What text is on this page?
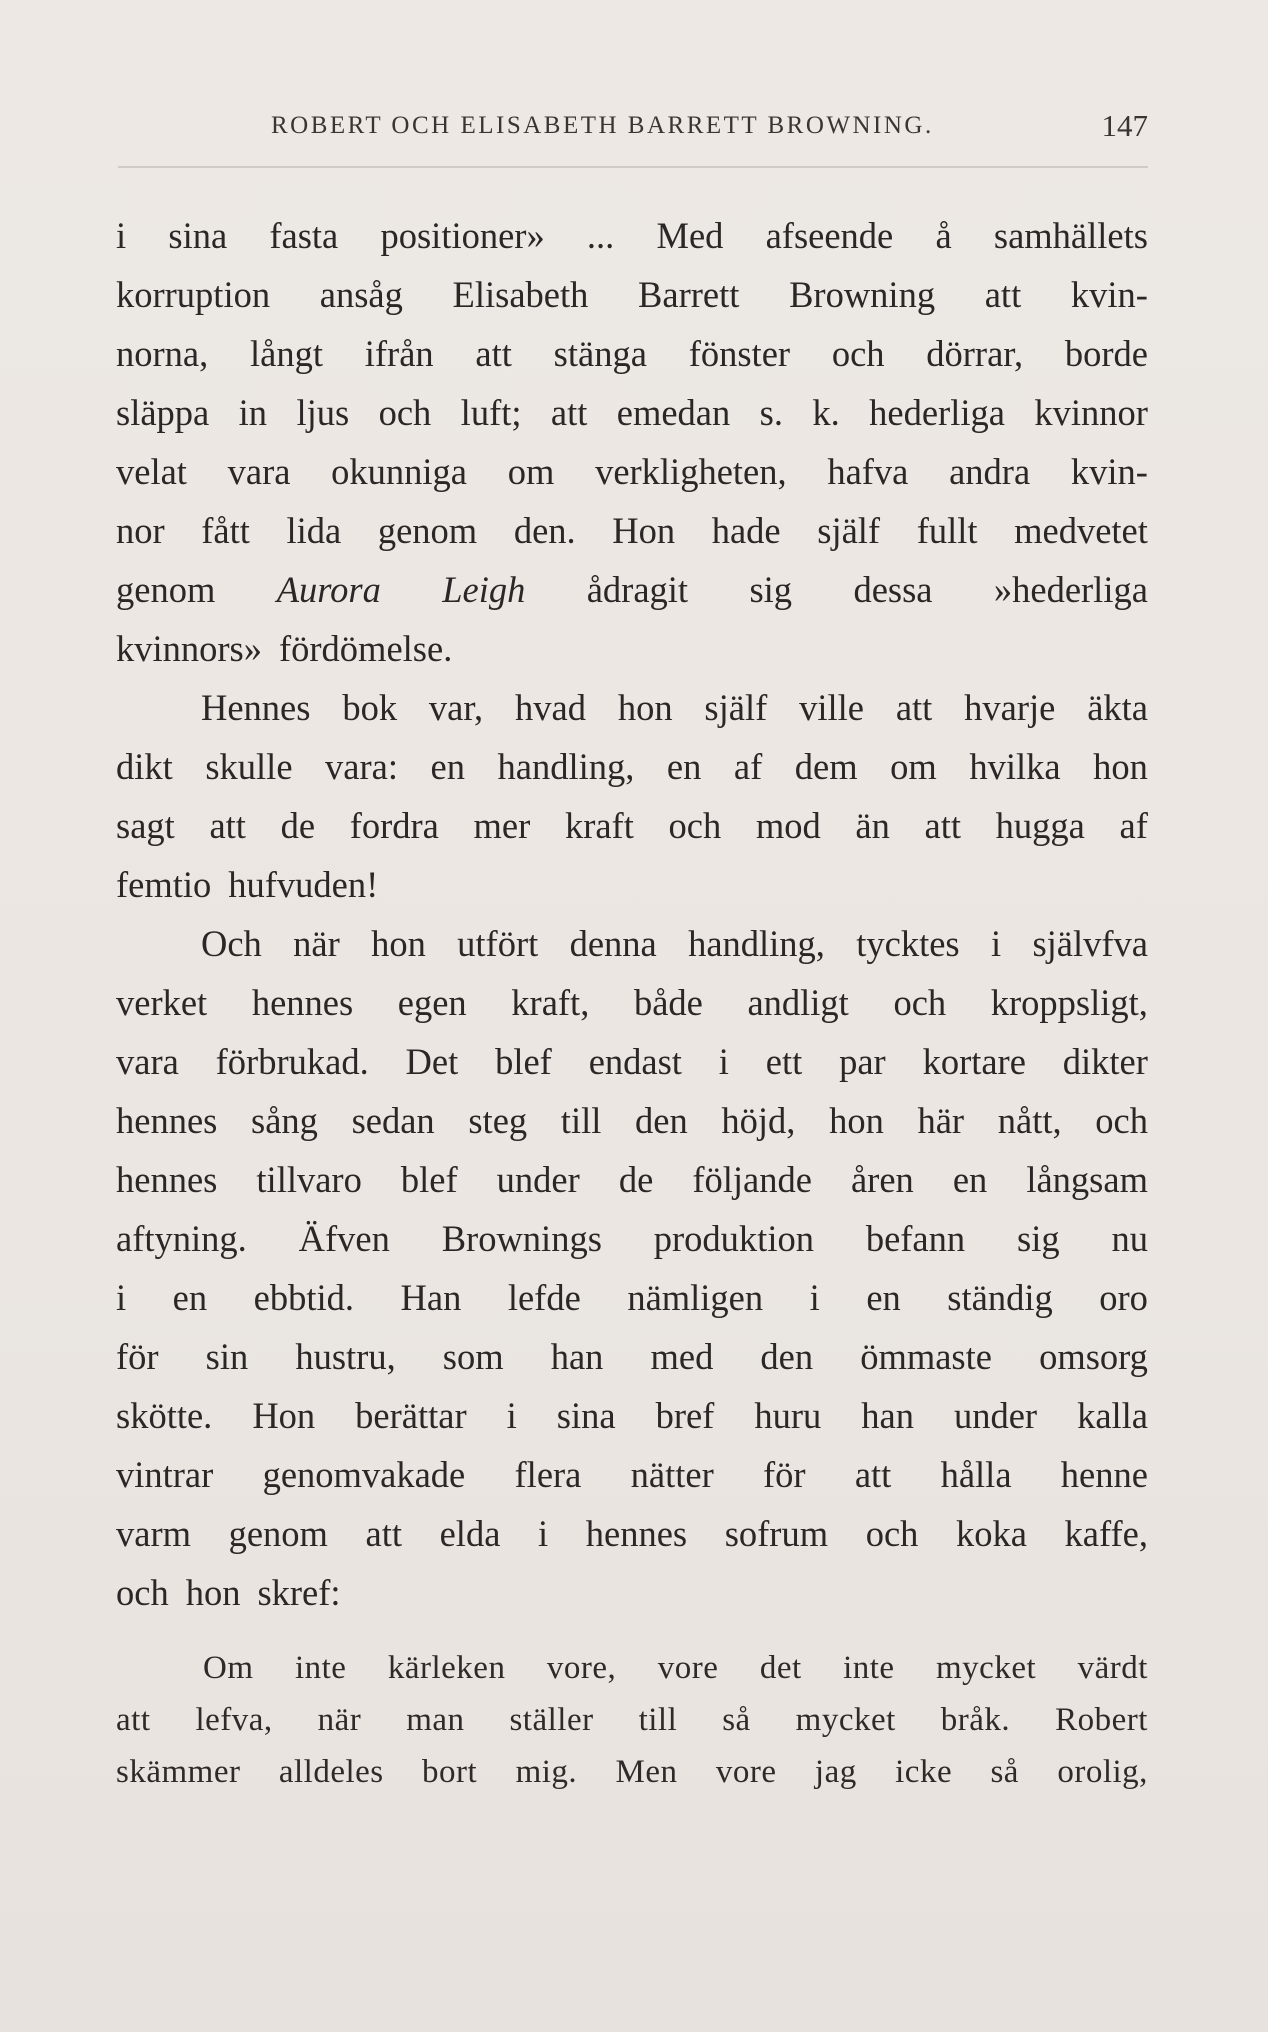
ROBERT OCH ELISABETH BARRETT BROWNING.	147
i sina fasta positioner» ... Med afseende å samhällets
korruption ansåg Elisabeth Barrett Browning att kvin-
norna, långt ifrån att stänga fönster och dörrar, borde
släppa in ljus och luft; att emedan s. k. hederliga kvinnor
velat vara okunniga om verkligheten, hafva andra kvin-
nor fått lida genom den. Hon hade själf fullt medvetet
genom Aurora Leigh ådragit sig dessa »hederliga
kvinnors» fördömelse.
Hennes bok var, hvad hon själf ville att hvarje äkta
dikt skulle vara: en handling, en af dem om hvilka hon
sagt att de fordra mer kraft och mod än att hugga af
femtio hufvuden!
Och när hon utfört denna handling, tycktes i självfva
verket hennes egen kraft, både andligt och kroppsligt,
vara förbrukad. Det blef endast i ett par kortare dikter
hennes sång sedan steg till den höjd, hon här nått, och
hennes tillvaro blef under de följande åren en långsam
aftyning. Äfven Brownings produktion befann sig nu
i en ebbtid. Han lefde nämligen i en ständig oro
för sin hustru, som han med den ömmaste omsorg
skötte. Hon berättar i sina bref huru han under kalla
vintrar genomvakade flera nätter för att hålla henne
varm genom att elda i hennes sofrum och koka kaffe,
och hon skref:
Om inte kärleken vore, vore det inte mycket värdt
att lefva, när man ställer till så mycket bråk. Robert
skämmer alldeles bort mig. Men vore jag icke så orolig,
